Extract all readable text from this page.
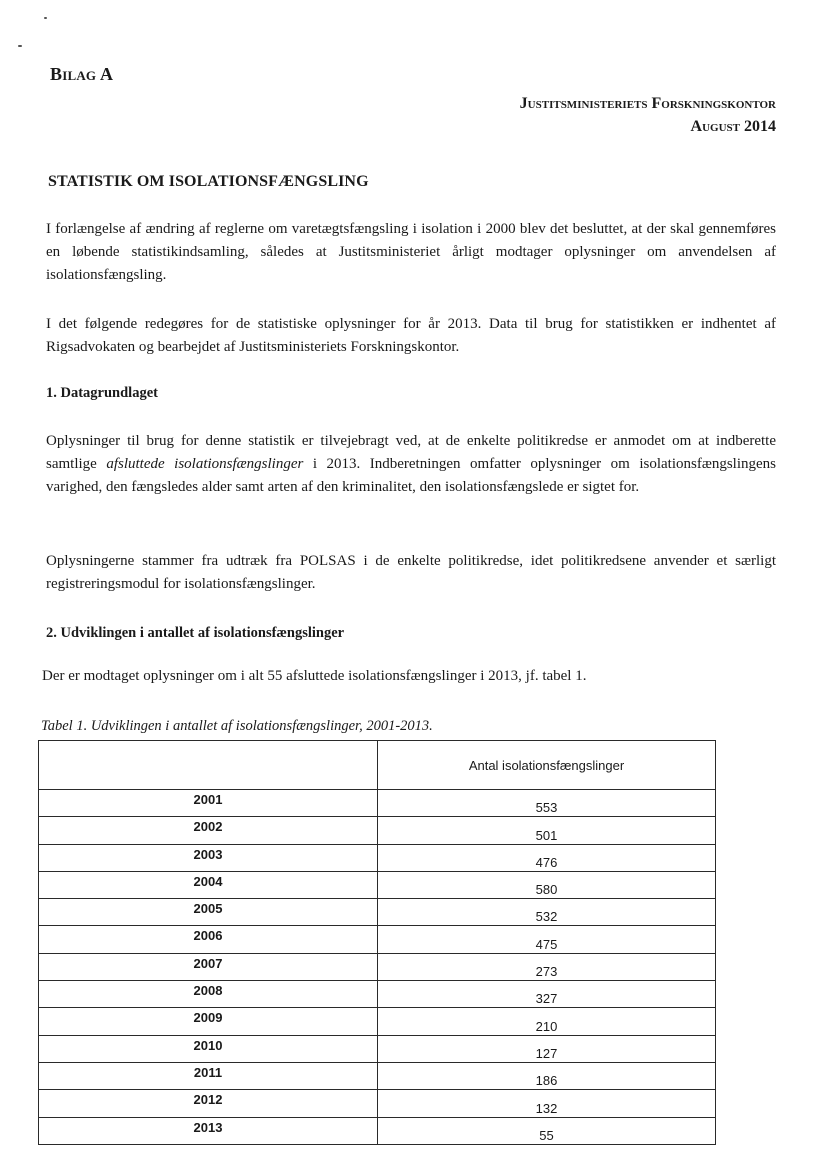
Bilag A
Justitsministeriets Forskningskontor
August 2014
STATISTIK OM ISOLATIONSFÆNGSLING

I forlængelse af ændring af reglerne om varetægtsfængsling i isolation i 2000 blev det besluttet, at der skal gennemføres en løbende statistikindsamling, således at Justitsministeriet årligt modtager oplysninger om anvendelsen af isolationsfængsling.

I det følgende redegøres for de statistiske oplysninger for år 2013. Data til brug for statistikken er indhentet af Rigsadvokaten og bearbejdet af Justitsministeriets Forskningskontor.

1. Datagrundlaget

Oplysninger til brug for denne statistik er tilvejebragt ved, at de enkelte politikredse er anmodet om at indberette samtlige afsluttede isolationsfængslinger i 2013. Indberetningen omfatter oplysninger om isolationsfængslingens varighed, den fængsledes alder samt arten af den kriminalitet, den isolationsfængslede er sigtet for.

Oplysningerne stammer fra udtræk fra POLSAS i de enkelte politikredse, idet politikredsene anvender et særligt registreringsmodul for isolationsfængslinger.

2. Udviklingen i antallet af isolationsfængslinger

Der er modtaget oplysninger om i alt 55 afsluttede isolationsfængslinger i 2013, jf. tabel 1.

Tabel 1. Udviklingen i antallet af isolationsfængslinger, 2001-2013.
	Antal isolationsfængslinger
2001	553
2002	501
2003	476
2004	580
2005	532
2006	475
2007	273
2008	327
2009	210
2010	127
2011	186
2012	132
2013	55
